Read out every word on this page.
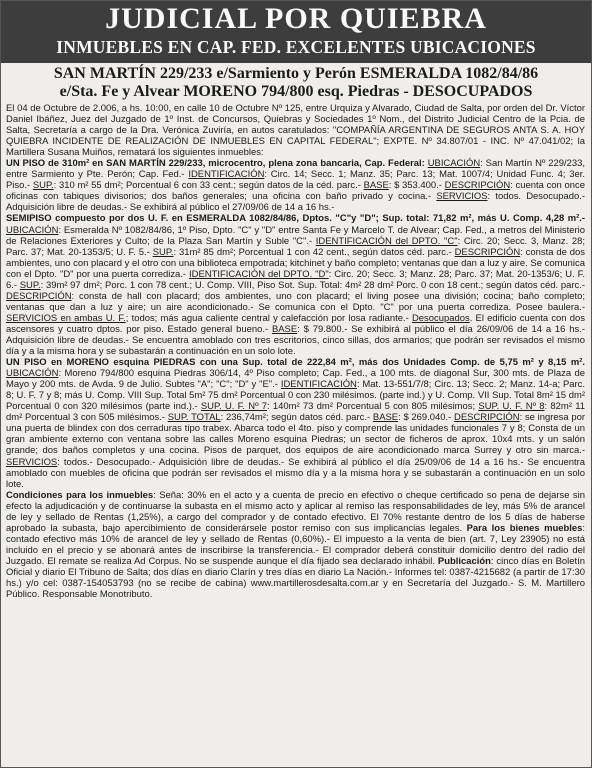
JUDICIAL POR QUIEBRA
INMUEBLES EN CAP. FED. EXCELENTES UBICACIONES
SAN MARTÍN 229/233 e/Sarmiento y Perón ESMERALDA 1082/84/86
e/Sta. Fe y Alvear MORENO 794/800 esq. Piedras - DESOCUPADOS

El 04 de Octubre de 2.006, a hs. 10:00, en calle 10 de Octubre Nº 125, entre Urquiza y Alvarado, Ciudad de Salta, por orden del Dr. Víctor Daniel Ibáñez, Juez del Juzgado de 1º Inst. de Concursos, Quiebras y Sociedades 1º Nom., del Distrito Judicial Centro de la Pcia. de Salta, Secretaría a cargo de la Dra. Verónica Zuviría, en autos caratulados: "COMPAÑÍA ARGENTINA DE SEGUROS ANTA S. A. HOY QUIEBRA INCIDENTE DE REALIZACIÓN DE INMUEBLES EN CAPITAL FEDERAL"; EXPTE. Nº 34.807/01 - INC. Nº 47.041/02; la Martillera Susana Muiños, rematará los siguientes inmuebles:

UN PISO de 310m² en SAN MARTÍN 229/233, microcentro, plena zona bancaria, Cap. Federal: UBICACIÓN: San Martín Nº 229/233, entre Sarmiento y Pte. Perón; Cap. Fed.- IDENTIFICACIÓN: Circ. 14; Secc. 1; Manz. 35; Parc. 13; Mat. 1007/4; Unidad Func. 4; 3er. Piso.- SUP.: 310 m² 55 dm²; Porcentual 6 con 33 cent.; según datos de la céd. parc.- BASE: $ 353.400.- DESCRIPCIÓN: cuenta con once oficinas con tabiques divisorios; dos baños generales; una oficina con baño privado y cocina.- SERVICIOS: todos. Desocupado.- Adquisición libre de deudas.- Se exhibirá al público el 27/09/06 de 14 a 16 hs.-

SEMIPISO compuesto por dos U. F. en ESMERALDA 1082/84/86, Dptos. "C"y "D"; Sup. total: 71,82 m², más U. Comp. 4,28 m².- UBICACIÓN: Esmeralda Nº 1082/84/86, 1º Piso, Dpto. "C" y "D" entre Santa Fe y Marcelo T. de Alvear; Cap. Fed., a metros del Ministerio de Relaciones Exteriores y Culto; de la Plaza San Martín y Suble "C".- IDENTIFICACIÓN del DPTO. "C": Circ. 20; Secc. 3, Manz. 28; Parc. 37; Mat. 20-1353/5; U. F. 5.- SUP.: 31m² 85 dm²; Porcentual 1 con 42 cent., según datos céd. parc.- DESCRIPCIÓN: consta de dos ambientes, uno con placard y el otro con una biblioteca empotrada; kitchinet y baño completo; ventanas que dan a luz y aire. Se comunica con el Dpto. "D" por una puerta corrediza.- IDENTIFICACIÓN del DPTO. "D": Circ. 20; Secc. 3; Manz. 28; Parc. 37; Mat. 20-1353/6; U. F. 6.- SUP.: 39m² 97 dm²; Porc. 1 con 78 cent.; U. Comp. VIII, Piso Sot. Sup. Total: 4m² 28 dm² Porc. 0 con 18 cent.; según datos céd. parc.- DESCRIPCIÓN: consta de hall con placard; dos ambientes, uno con placard; el living posee una división; cocina; baño completo; ventanas que dan a luz y aire; un aire acondicionado.- Se comunica con el Dpto. "C" por una puerta corrediza. Posee baulera.- SERVICIOS en ambas U. F.; todos; más agua caliente central y calefacción por losa radiante.- Desocupados. El edificio cuenta con dos ascensores y cuatro dptos. por piso. Estado general bueno.- BASE: $ 79.800.- Se exhibirá al público el día 26/09/06 de 14 a 16 hs.- Adquisición libre de deudas.- Se encuentra amoblado con tres escritorios, cinco sillas, dos armarios; que podrán ser revisados el mismo día y a la misma hora y se subastarán a continuación en un solo lote.

UN PISO en MORENO esquina PIEDRAS con una Sup. total de 222,84 m², más dos Unidades Comp. de 5,75 m² y 8,15 m². UBICACIÓN: Moreno 794/800 esquina Piedras 306/14, 4º Piso completo; Cap. Fed., a 100 mts. de diagonal Sur, 300 mts. de Plaza de Mayo y 200 mts. de Avda. 9 de Julio. Subtes "A"; "C"; "D" y "E".- IDENTIFICACIÓN: Mat. 13-551/7/8; Circ. 13; Secc. 2; Manz. 14-a; Parc. 8; U. F. 7 y 8; más U. Comp. VIII Sup. Total 5m² 75 dm² Porcentual 0 con 230 milésimos. (parte ind.) y U. Comp. VII Sup. Total 8m² 15 dm² Porcentual 0 con 320 milésimos (parte ind.).- SUP. U. F. Nº 7: 140m² 73 dm² Porcentual 5 con 805 milésimos; SUP. U. F. Nº 8: 82m² 11 dm² Porcentual 3 con 505 milésimos.- SUP. TOTAL: 236,74m²; según datos céd. parc.- BASE: $ 269.040.- DESCRIPCIÓN: se ingresa por una puerta de blindex con dos cerraduras tipo trabex. Abarca todo el 4to. piso y comprende las unidades funcionales 7 y 8; Consta de un gran ambiente externo con ventana sobre las calles Moreno esquina Piedras; un sector de ficheros de aprox. 10x4 mts. y un salón grande; dos baños completos y una cocina. Pisos de parquet, dos equipos de aire acondicionado marca Surrey y otro sin marca.- SERVICIOS: todos.- Desocupado.- Adquisición libre de deudas.- Se exhibirá al público el día 25/09/06 de 14 a 16 hs.- Se encuentra amoblado con muebles de oficina que podrán ser revisados el mismo día y a la misma hora y se subastarán a continuación en un solo lote.

Condiciones para los inmuebles: Seña: 30% en el acto y a cuenta de precio en efectivo o cheque certificado so pena de dejarse sin efecto la adjudicación y de continuarse la subasta en el mismo acto y aplicar al remiso las responsabilidades de ley, más 5% de arancel de ley y sellado de Rentas (1,25%), a cargo del comprador y de contado efectivo. El 70% restante dentro de los 5 días de haberse aprobado la subasta, bajo apercibimiento de considerársele postor remiso con sus implicancias legales. Para los bienes muebles: contado efectivo más 10% de arancel de ley y sellado de Rentas (0,60%).- El impuesto a la venta de bien (art. 7, Ley 23905) no está incluido en el precio y se abonará antes de inscribirse la transferencia.- El comprador deberá constituir domicilio dentro del radio del Juzgado. El remate se realiza Ad Corpus. No se suspende aunque el día fijado sea declarado inhábil. Publicación: cinco días en Boletín Oficial y diario El Tribuno de Salta; dos días en diario Clarín y tres días en diario La Nación.- Informes tel: 0387-4215682 (a partir de 17:30 hs.) y/o cel: 0387-154053793 (no se recibe de cabina) www.martillerosdesalta.com.ar y en Secretaría del Juzgado.- S. M. Martillero Público. Responsable Monotributo.
